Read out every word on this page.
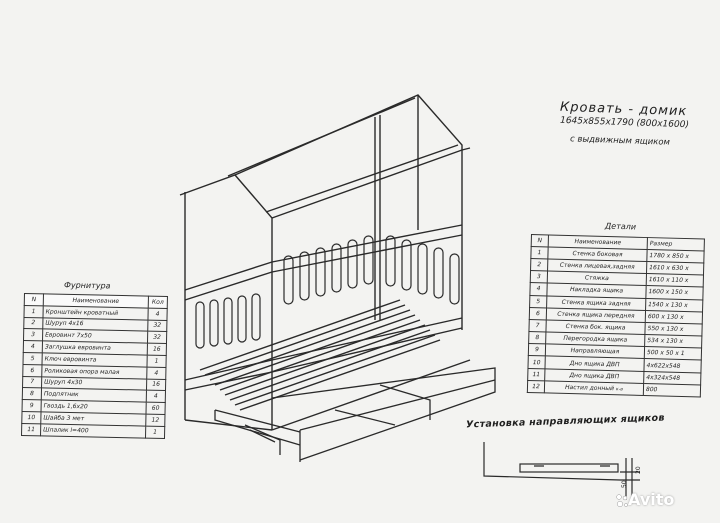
20
50
Кровать - домик
1645x855x1790 (800x1600)
с выдвижным ящиком
Фурнитура
N	Наименование	Кол
1	Кронштейн кроватный	4
2	Шуруп 4x16	32
3	Евровинт 7x50	32
4	Заглушка евровинта	16
5	Ключ евровинта	1
6	Роликовая опора малая	4
7	Шуруп 4x30	16
8	Подпятник	4
9	Гвоздь 1,6x20	60
10	Шайба 3 мет	12
11	Шпалик l=400	1
Детали
N	Наименование	Размер
1	Стенка боковая	1780 x 850 x
2	Стенка лицевая,задняя	1610 x 630 x
3	Стяжка	1610 x 110 x
4	Накладка ящика	1600 x 150 x
5	Стенка ящика задняя	1540 x 130 x
6	Стенка ящика передняя	600 x 130 x
7	Стенка бок. ящика	550 x 130 x
8	Перегородка ящика	534 x 130 x
9	Направляющая	500 x 50 x 1
10	Дно ящика ДВП	4x622x548
11	Дно ящика ДВП	4x324x548
12	Настил донный к-в	800
Установка направляющих ящиков
Avito
